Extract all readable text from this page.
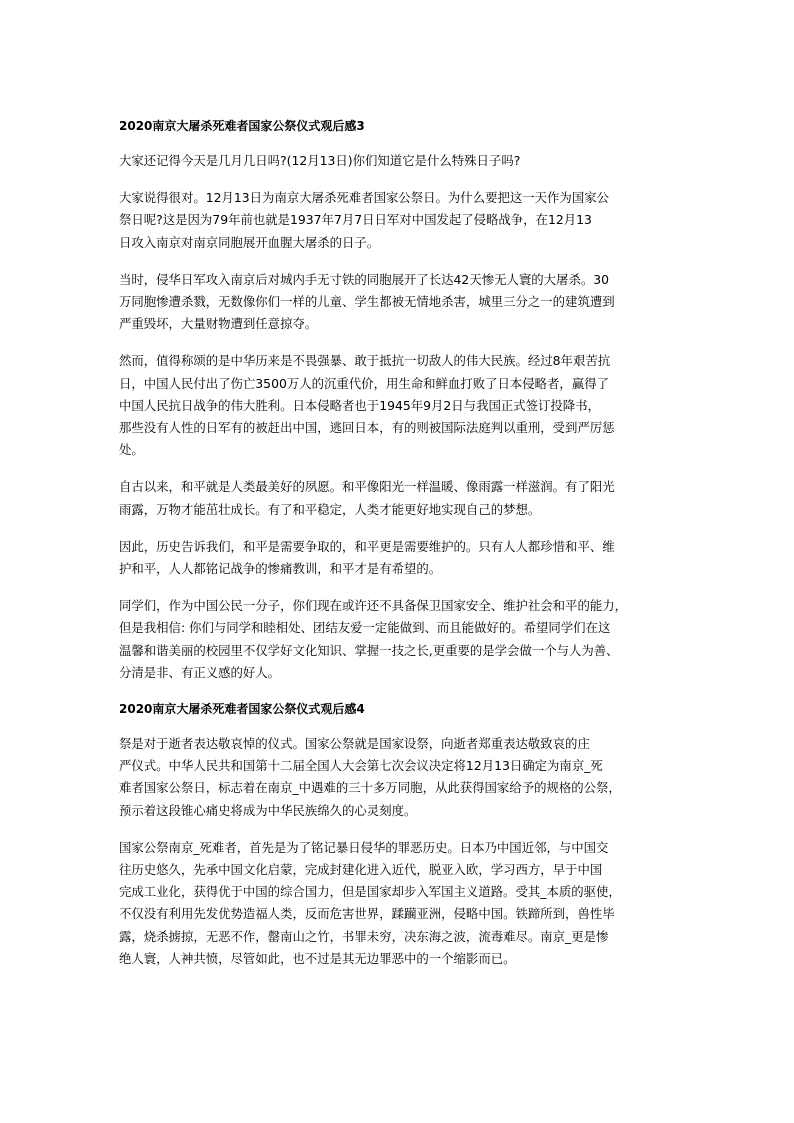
2020南京大屠杀死难者国家公祭仪式观后感3
大家还记得今天是几月几日吗?(12月13日)你们知道它是什么特殊日子吗?
大家说得很对。12月13日为南京大屠杀死难者国家公祭日。为什么要把这一天作为国家公
祭日呢?这是因为79年前也就是1937年7月7日日军对中国发起了侵略战争，在12月13
日攻入南京对南京同胞展开血腥大屠杀的日子。
当时，侵华日军攻入南京后对城内手无寸铁的同胞展开了长达42天惨无人寰的大屠杀。30
万同胞惨遭杀戮，无数像你们一样的儿童、学生都被无情地杀害，城里三分之一的建筑遭到
严重毁坏，大量财物遭到任意掠夺。
然而，值得称颂的是中华历来是不畏强暴、敢于抵抗一切敌人的伟大民族。经过8年艰苦抗
日，中国人民付出了伤亡3500万人的沉重代价，用生命和鲜血打败了日本侵略者，赢得了
中国人民抗日战争的伟大胜利。日本侵略者也于1945年9月2日与我国正式签订投降书，
那些没有人性的日军有的被赶出中国，逃回日本，有的则被国际法庭判以重刑，受到严厉惩
处。
自古以来，和平就是人类最美好的夙愿。和平像阳光一样温暖、像雨露一样滋润。有了阳光
雨露，万物才能茁壮成长。有了和平稳定，人类才能更好地实现自己的梦想。
因此，历史告诉我们，和平是需要争取的，和平更是需要维护的。只有人人都珍惜和平、维
护和平，人人都铭记战争的惨痛教训，和平才是有希望的。
同学们，作为中国公民一分子，你们现在或许还不具备保卫国家安全、维护社会和平的能力，
但是我相信: 你们与同学和睦相处、团结友爱一定能做到、而且能做好的。希望同学们在这
温馨和谐美丽的校园里不仅学好文化知识、掌握一技之长,更重要的是学会做一个与人为善、
分清是非、有正义感的好人。
2020南京大屠杀死难者国家公祭仪式观后感4
祭是对于逝者表达敬哀悼的仪式。国家公祭就是国家设祭，向逝者郑重表达敬致哀的庄
严仪式。中华人民共和国第十二届全国人大会第七次会议决定将12月13日确定为南京_死
难者国家公祭日，标志着在南京_中遇难的三十多万同胞，从此获得国家给予的规格的公祭，
预示着这段锥心痛史将成为中华民族绵久的心灵刻度。
国家公祭南京_死难者，首先是为了铭记暴日侵华的罪恶历史。日本乃中国近邻，与中国交
往历史悠久，先承中国文化启蒙，完成封建化进入近代，脱亚入欧，学习西方，早于中国
完成工业化，获得优于中国的综合国力，但是国家却步入军国主义道路。受其_本质的驱使，
不仅没有利用先发优势造福人类，反而危害世界，蹂躏亚洲，侵略中国。铁蹄所到，兽性毕
露，烧杀掳掠，无恶不作，罄南山之竹，书罪未穷，决东海之波，流毒难尽。南京_更是惨
绝人寰，人神共愤，尽管如此，也不过是其无边罪恶中的一个缩影而已。
